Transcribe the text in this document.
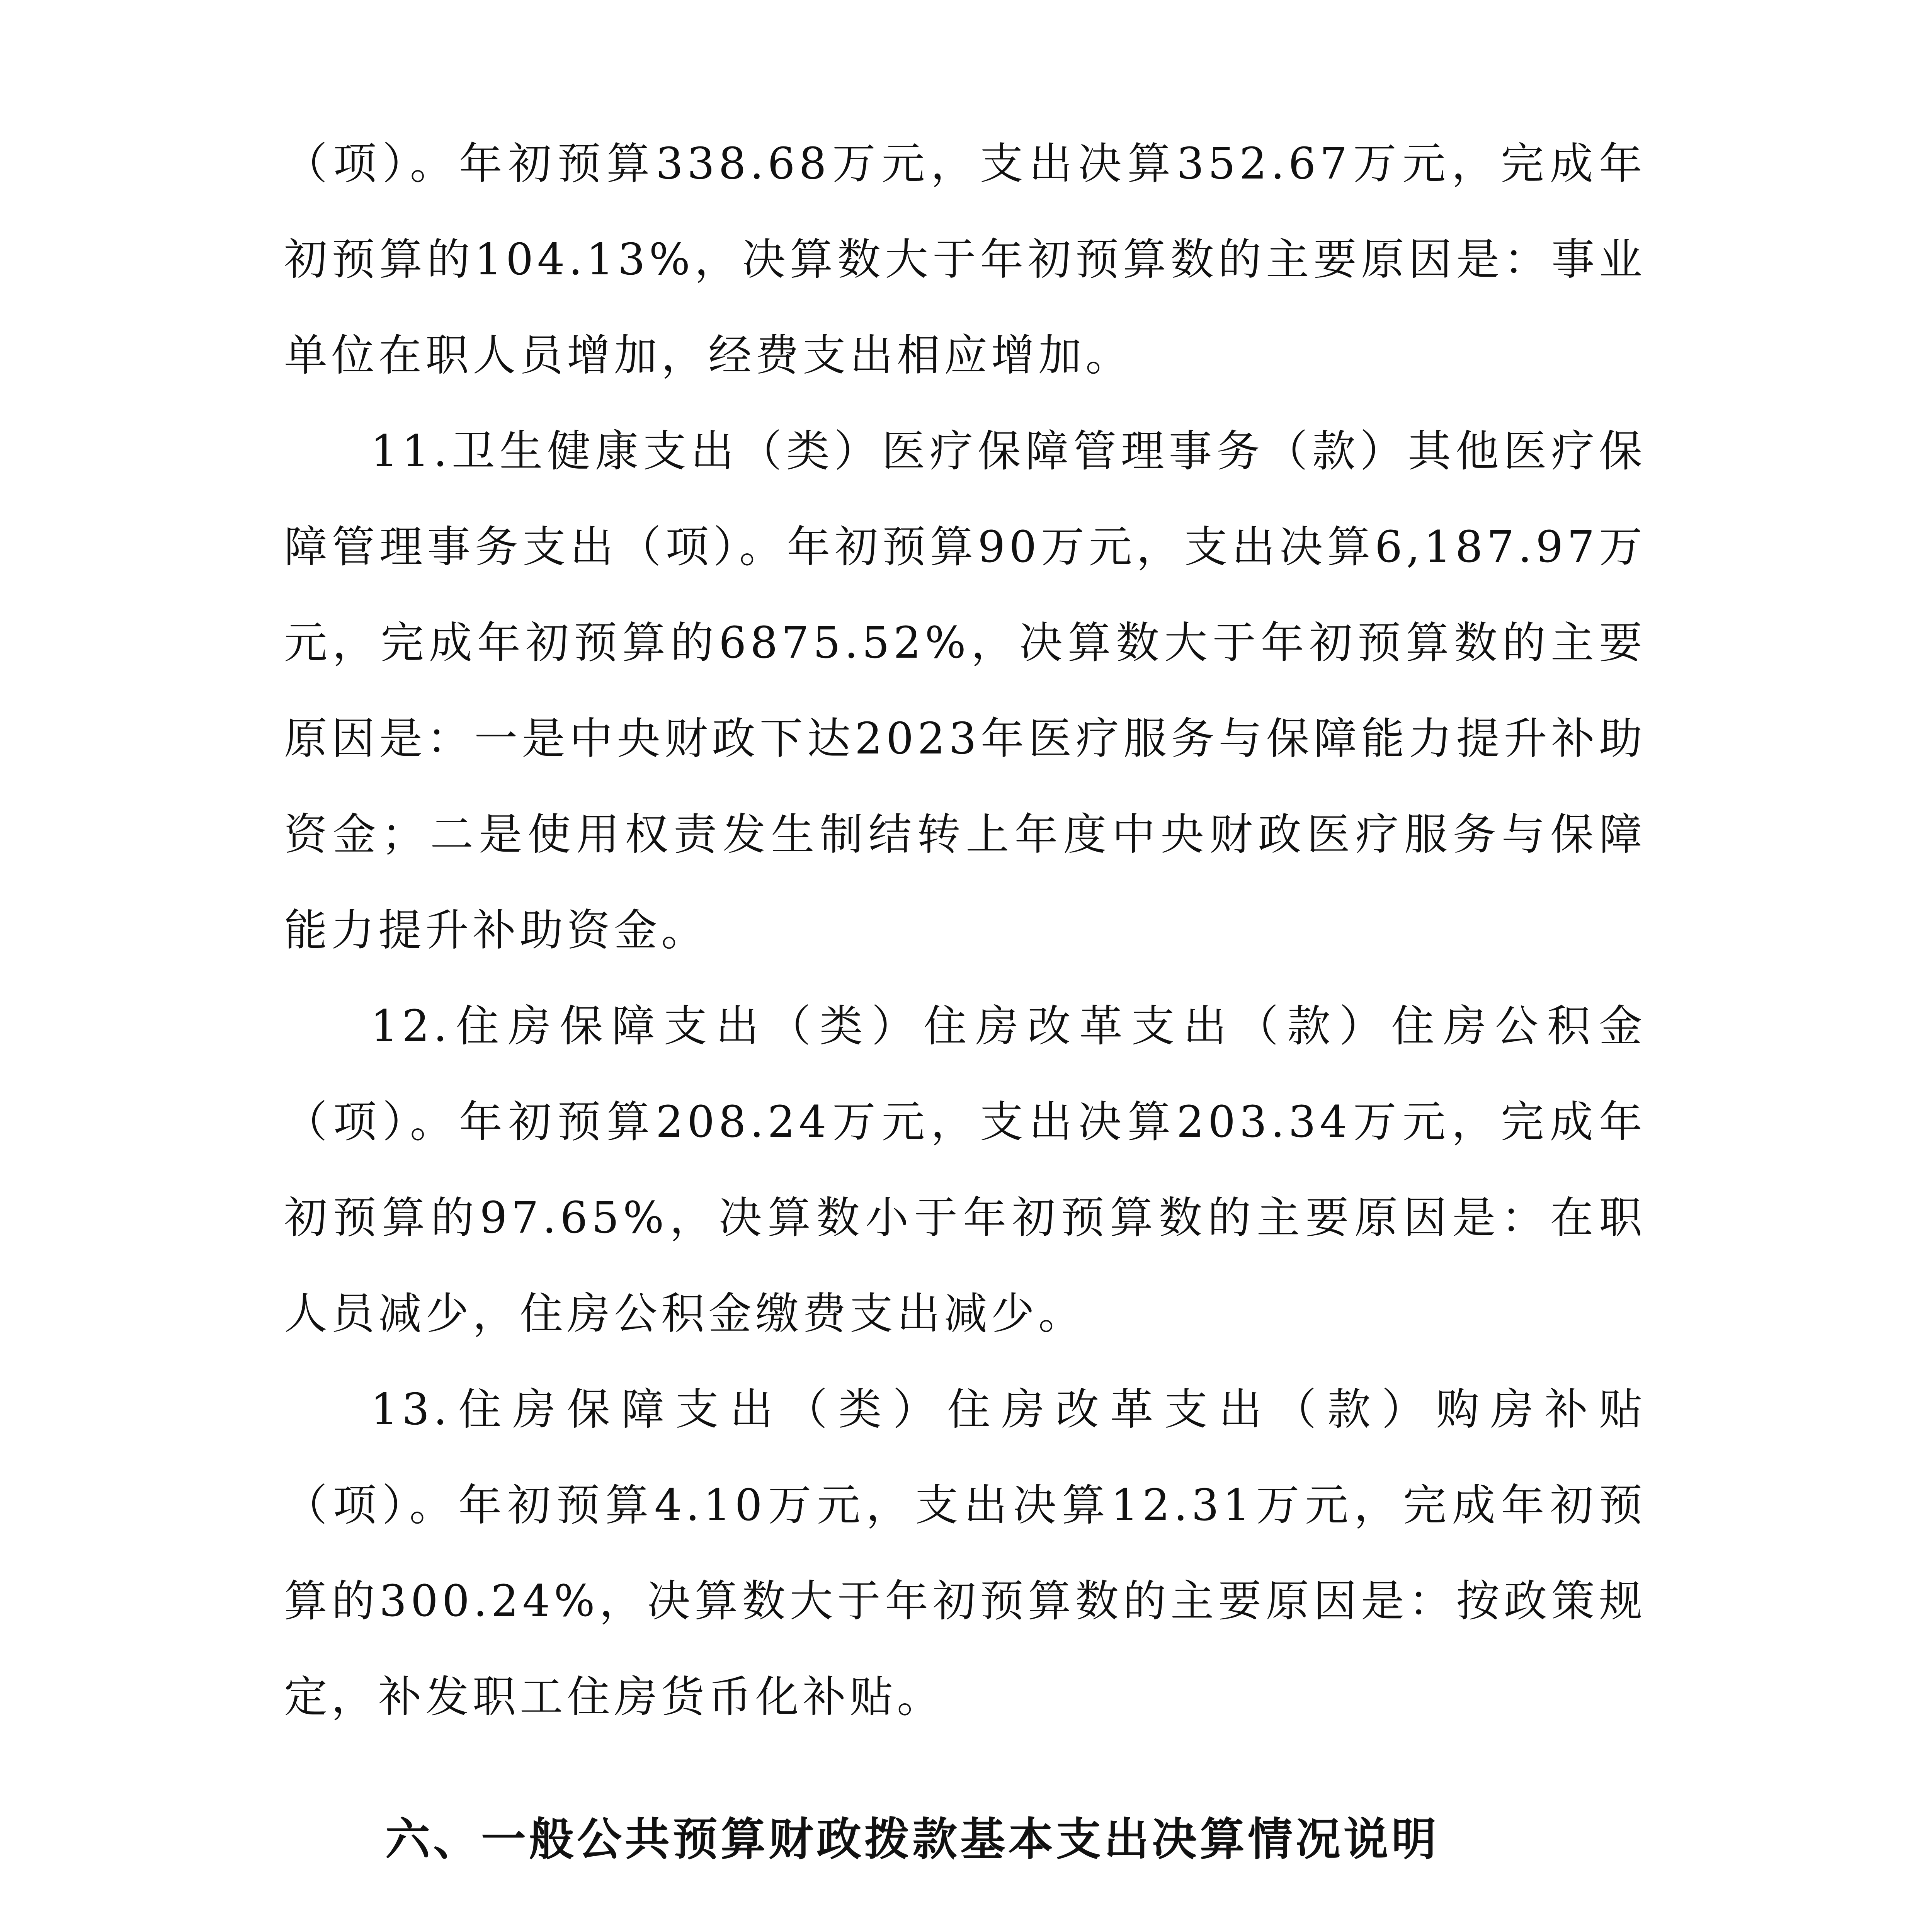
（项）。年初预算338.68万元，支出决算352.67万元，完成年初预算的104.13%，决算数大于年初预算数的主要原因是：事业单位在职人员增加，经费支出相应增加。

11.卫生健康支出（类）医疗保障管理事务（款）其他医疗保障管理事务支出（项）。年初预算90万元，支出决算6,187.97万元，完成年初预算的6875.52%，决算数大于年初预算数的主要原因是：一是中央财政下达2023年医疗服务与保障能力提升补助资金；二是使用权责发生制结转上年度中央财政医疗服务与保障能力提升补助资金。

12.住房保障支出（类）住房改革支出（款）住房公积金（项）。年初预算208.24万元，支出决算203.34万元，完成年初预算的97.65%，决算数小于年初预算数的主要原因是：在职人员减少，住房公积金缴费支出减少。

13.住房保障支出（类）住房改革支出（款）购房补贴（项）。年初预算4.10万元，支出决算12.31万元，完成年初预算的300.24%，决算数大于年初预算数的主要原因是：按政策规定，补发职工住房货币化补贴。

六、一般公共预算财政拨款基本支出决算情况说明
